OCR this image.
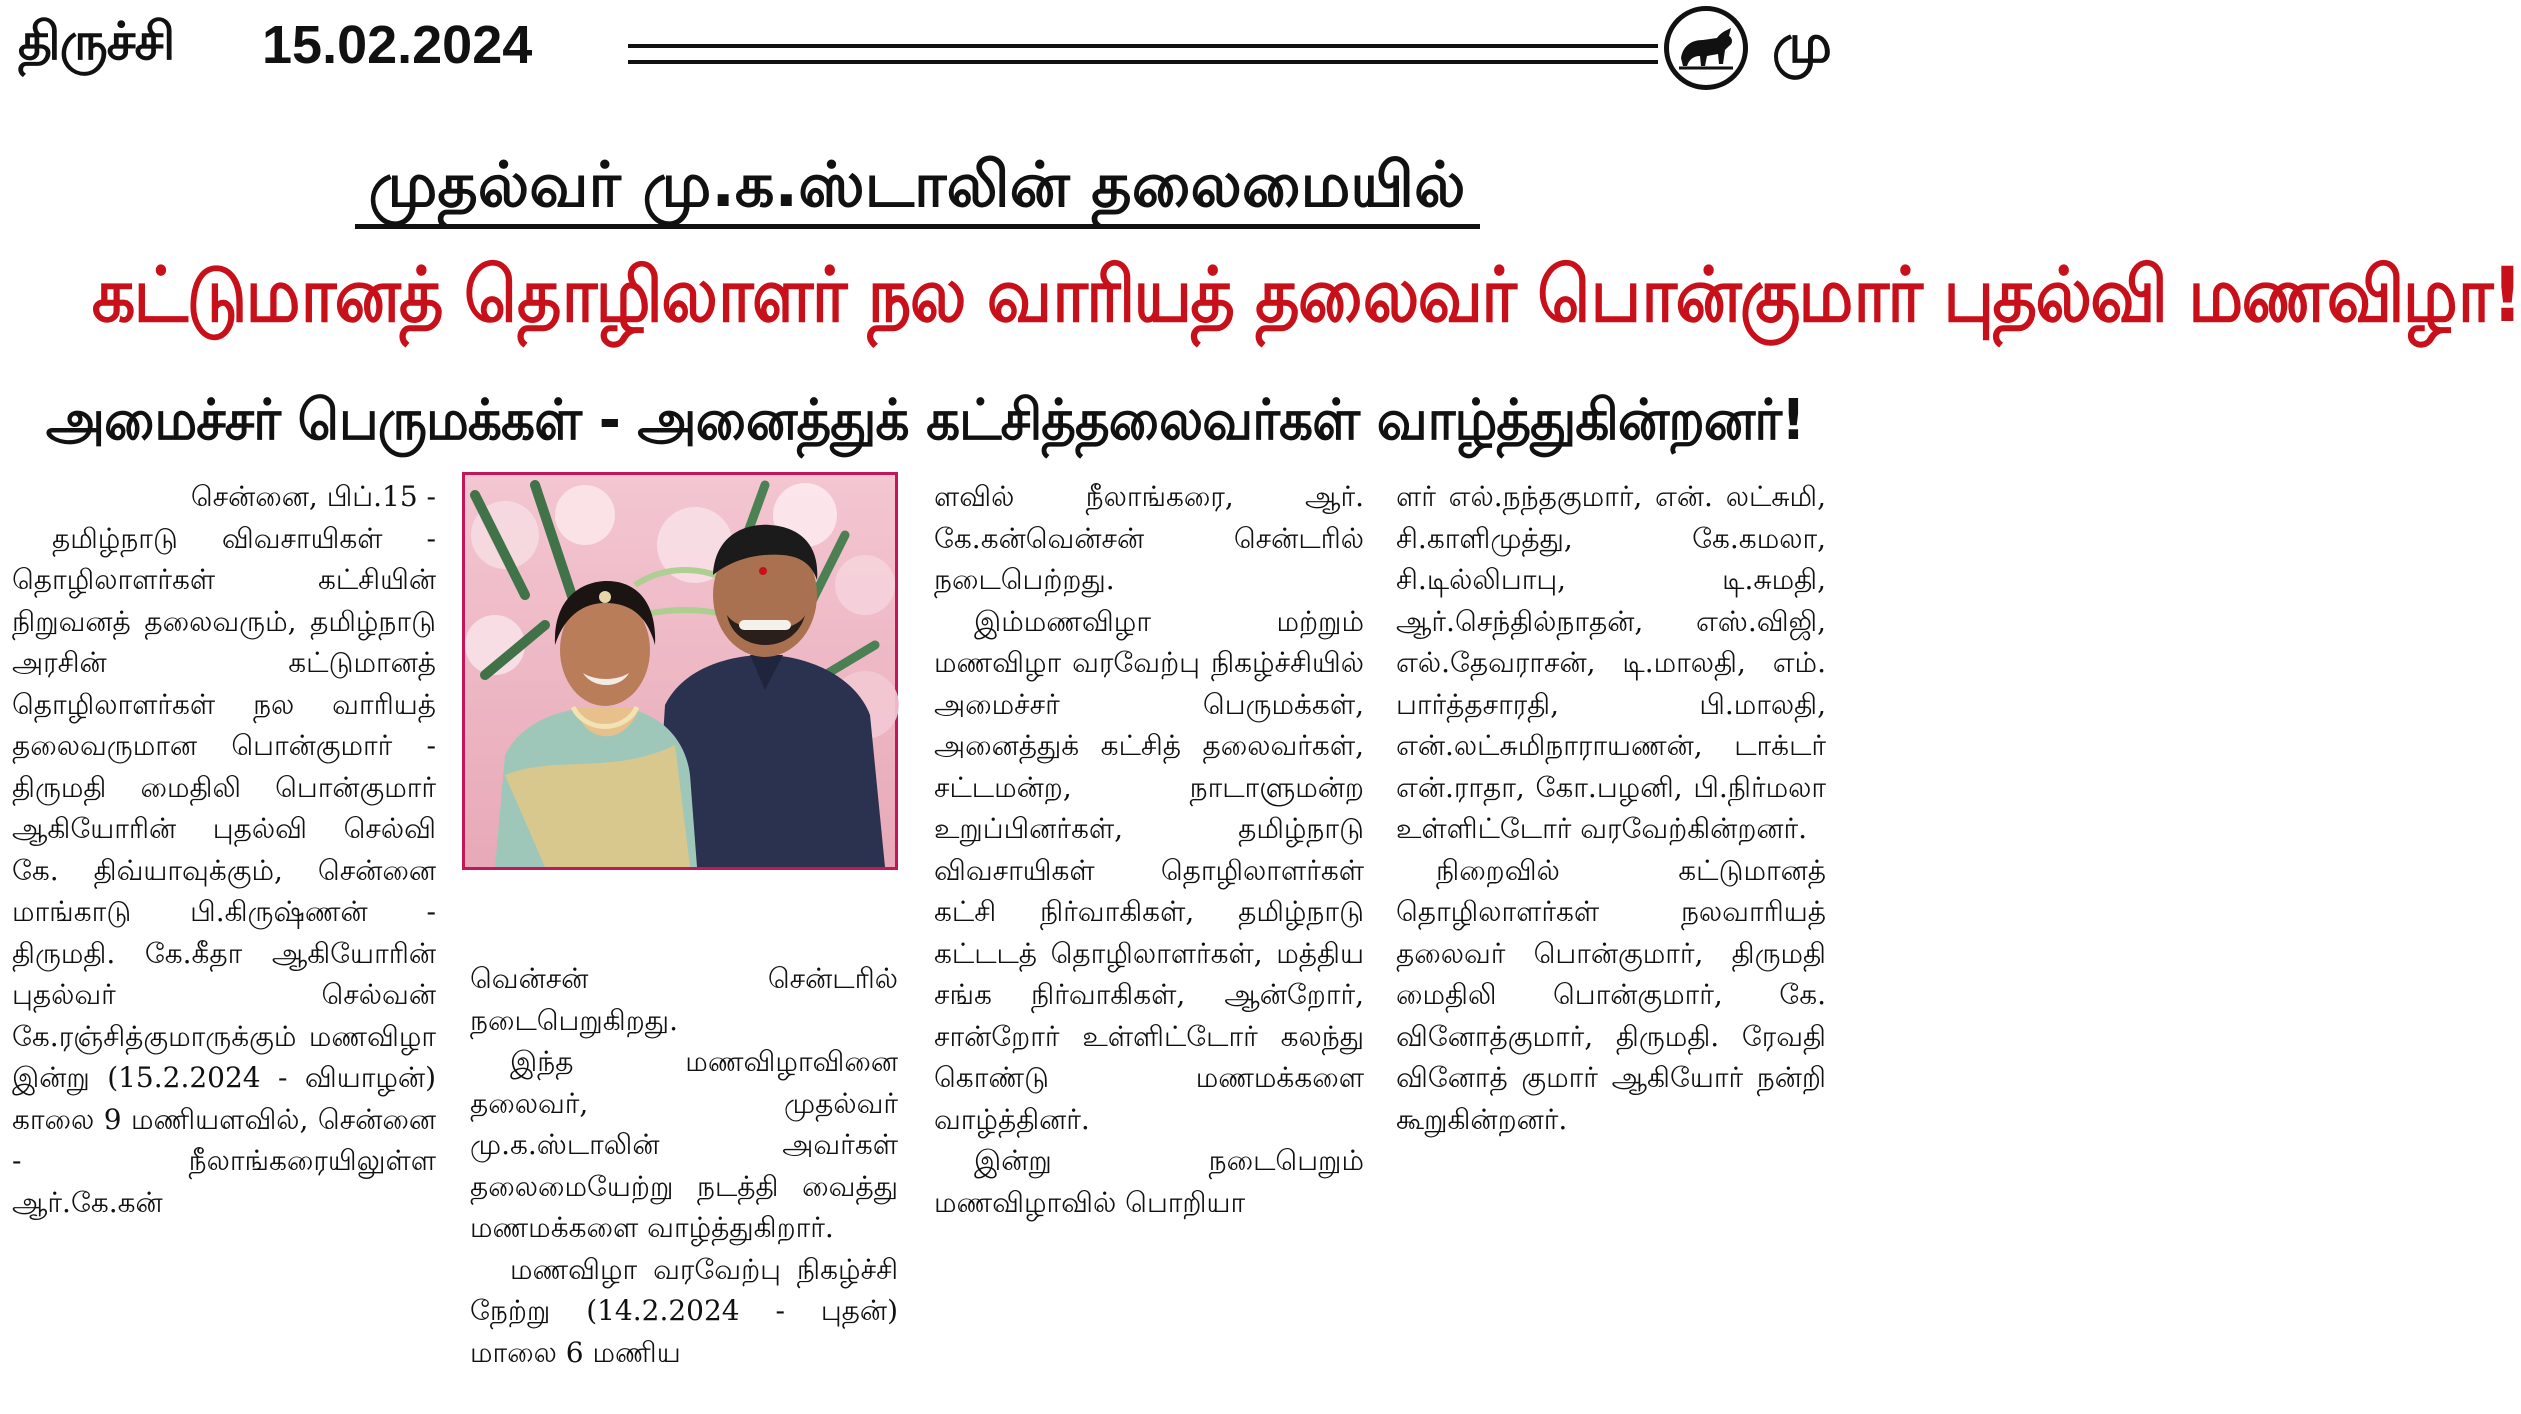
திருச்சி 15.02.2024	மு
முதல்வர் மு.க.ஸ்டாலின் தலைமையில்
கட்டுமானத் தொழிலாளர் நல வாரியத் தலைவர் பொன்குமார் புதல்வி மணவிழா!
அமைச்சர் பெருமக்கள் - அனைத்துக் கட்சித்தலைவர்கள் வாழ்த்துகின்றனர்!

சென்னை, பிப்.15 -

தமிழ்நாடு விவசாயிகள் - தொழிலாளர்கள் கட்சியின் நிறுவனத் தலைவரும், தமிழ்நாடு அரசின் கட்டுமானத் தொழிலாளர்கள் நல வாரியத் தலைவருமான பொன்குமார் - திருமதி மைதிலி பொன்குமார் ஆகியோரின் புதல்வி செல்வி கே. திவ்யாவுக்கும், சென்னை மாங்காடு பி.கிருஷ்ணன் - திருமதி. கே.கீதா ஆகியோரின் புதல்வர் செல்வன் கே.ரஞ்சித்குமாருக்கும் மணவிழா இன்று (15.2.2024 - வியாழன்) காலை 9 மணியளவில், சென்னை - நீலாங்கரையிலுள்ள ஆர்.கே.கன்

வென்சன் சென்டரில் நடைபெறுகிறது.

இந்த மணவிழாவினை தலைவர், முதல்வர் மு.க.ஸ்டாலின் அவர்கள் தலைமையேற்று நடத்தி வைத்து மணமக்களை வாழ்த்துகிறார்.

மணவிழா வரவேற்பு நிகழ்ச்சி நேற்று (14.2.2024 - புதன்) மாலை 6 மணிய

ளவில் நீலாங்கரை, ஆர். கே.கன்வென்சன் சென்டரில் நடைபெற்றது.

இம்மணவிழா மற்றும் மணவிழா வரவேற்பு நிகழ்ச்சியில் அமைச்சர் பெருமக்கள், அனைத்துக் கட்சித் தலைவர்கள், சட்டமன்ற, நாடாளுமன்ற உறுப்பினர்கள், தமிழ்நாடு விவசாயிகள் தொழிலாளர்கள் கட்சி நிர்வாகிகள், தமிழ்நாடு கட்டடத் தொழிலாளர்கள், மத்திய சங்க நிர்வாகிகள், ஆன்றோர், சான்றோர் உள்ளிட்டோர் கலந்து கொண்டு மணமக்களை வாழ்த்தினர்.

இன்று நடைபெறும் மணவிழாவில் பொறியா

ளர் எல்.நந்தகுமார், என். லட்சுமி, சி.காளிமுத்து, கே.கமலா, சி.டில்லிபாபு, டி.சுமதி, ஆர்.செந்தில்நாதன், எஸ்.விஜி, எல்.தேவராசன், டி.மாலதி, எம். பார்த்தசாரதி, பி.மாலதி, என்.லட்சுமிநாராயணன், டாக்டர் என்.ராதா, கோ.பழனி, பி.நிர்மலா உள்ளிட்டோர் வரவேற்கின்றனர்.

நிறைவில் கட்டுமானத் தொழிலாளர்கள் நலவாரியத் தலைவர் பொன்குமார், திருமதி மைதிலி பொன்குமார், கே. வினோத்குமார், திருமதி. ரேவதி வினோத் குமார் ஆகியோர் நன்றி கூறுகின்றனர்.
